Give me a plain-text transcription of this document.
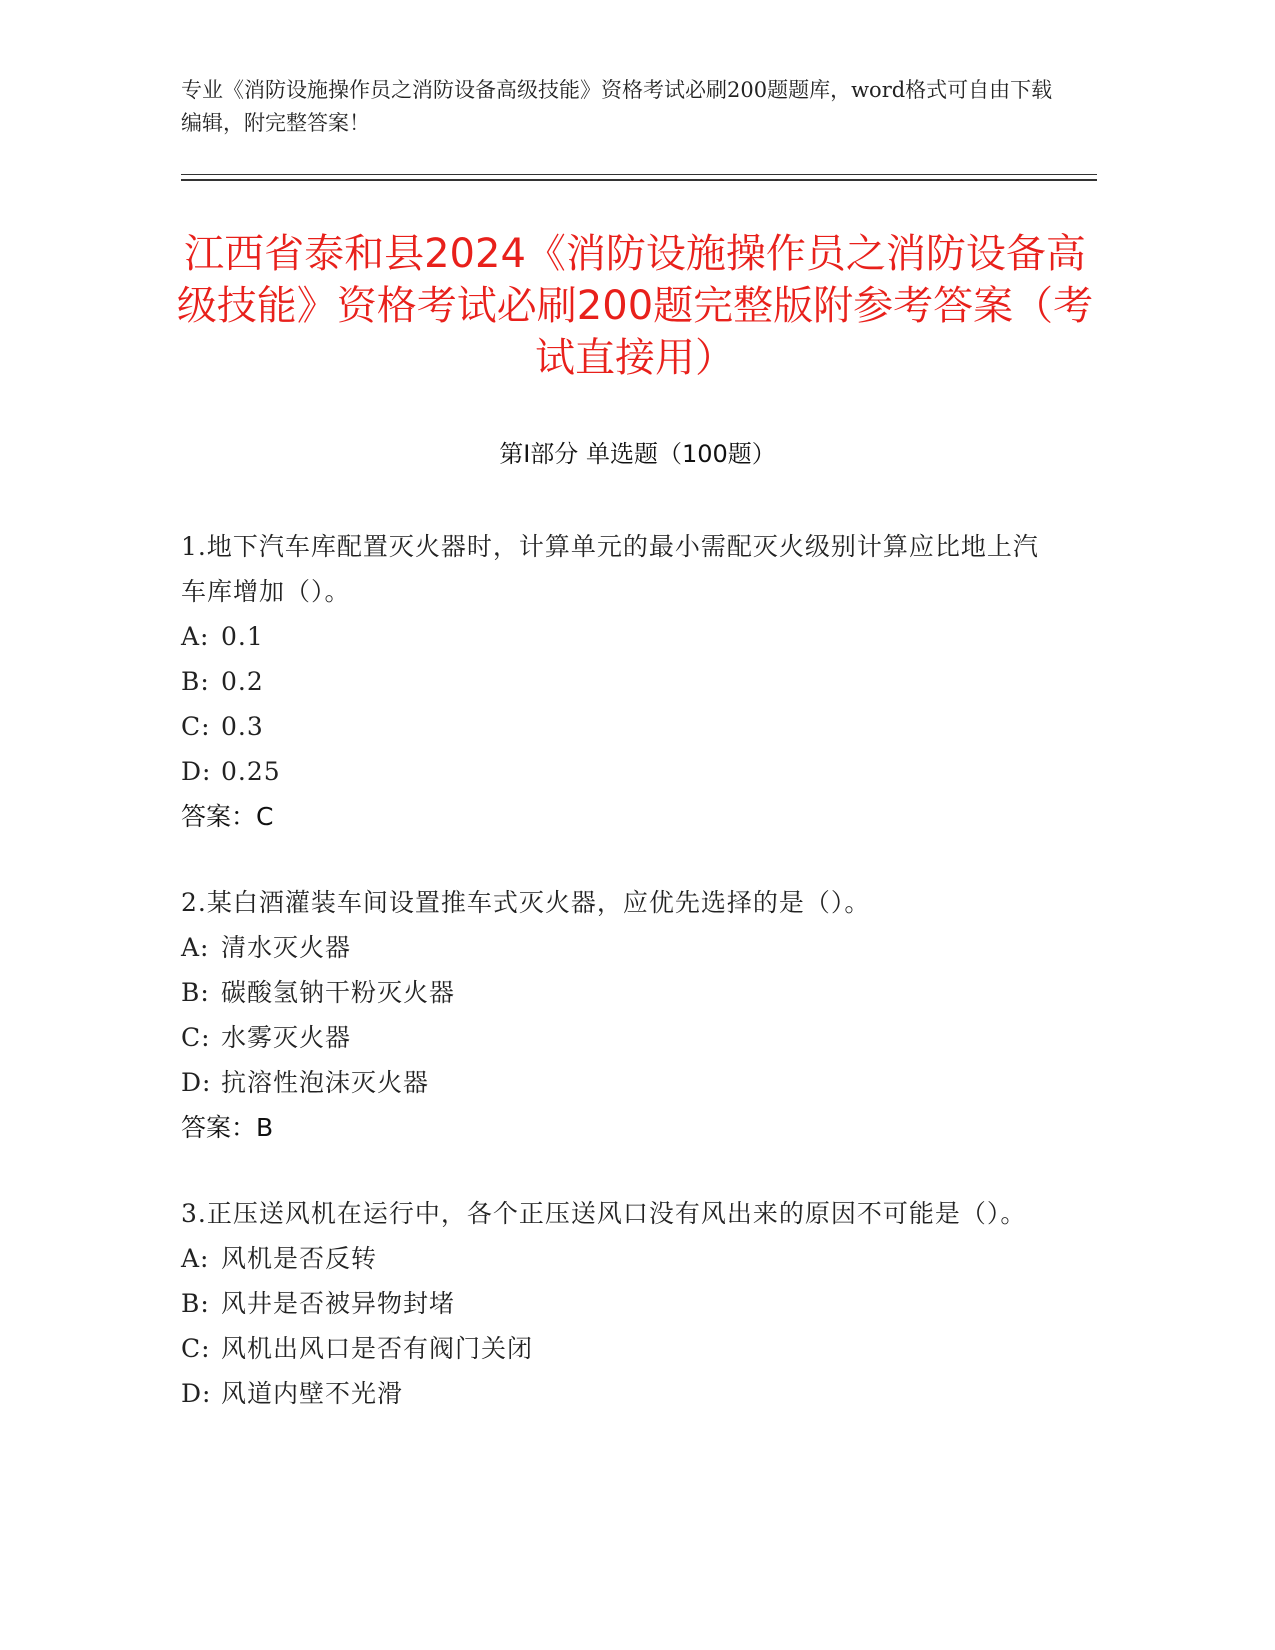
专业《消防设施操作员之消防设备高级技能》资格考试必刷200题题库，word格式可自由下载编辑，附完整答案！
江西省泰和县2024《消防设施操作员之消防设备高级技能》资格考试必刷200题完整版附参考答案（考试直接用）
第Ⅰ部分 单选题（100题）
1.地下汽车库配置灭火器时，计算单元的最小需配灭火级别计算应比地上汽车库增加（）。
A: 0.1
B: 0.2
C: 0.3
D: 0.25
答案：C
2.某白酒灌装车间设置推车式灭火器，应优先选择的是（）。
A: 清水灭火器
B: 碳酸氢钠干粉灭火器
C: 水雾灭火器
D: 抗溶性泡沫灭火器
答案：B
3.正压送风机在运行中，各个正压送风口没有风出来的原因不可能是（）。
A: 风机是否反转
B: 风井是否被异物封堵
C: 风机出风口是否有阀门关闭
D: 风道内壁不光滑
